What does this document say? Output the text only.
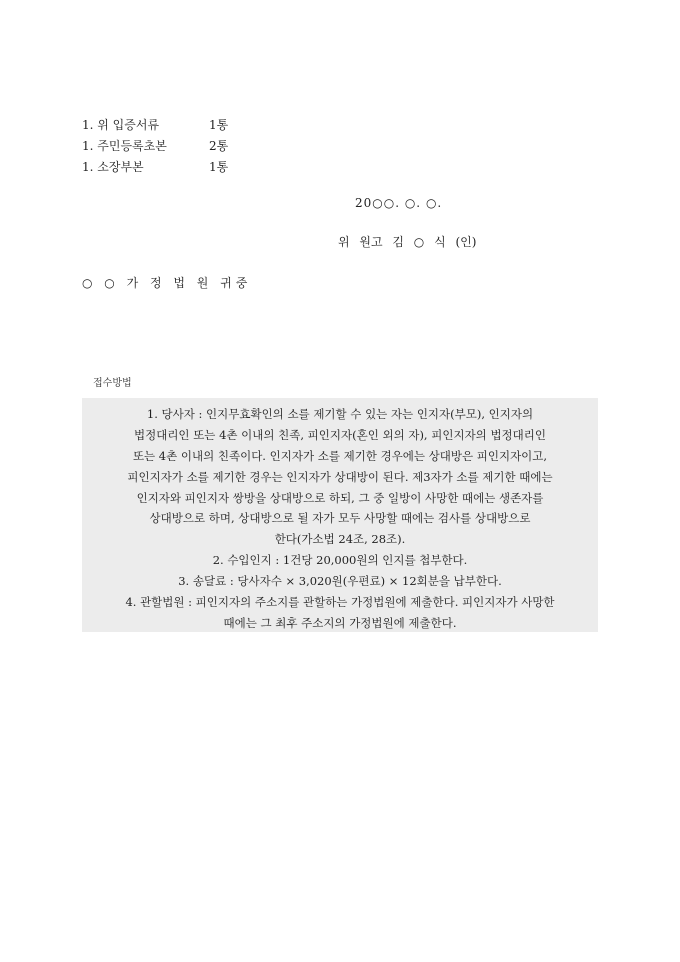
1. 위 입증서류	1통
1. 주민등록초본	2통
1. 소장부본	1통
20○○. ○. ○.
위 원고 김 ○ 식 (인)
○ ○ 가 정 법 원 귀중
접수방법
1. 당사자 : 인지무효확인의 소를 제기할 수 있는 자는 인지자(부모), 인지자의
법정대리인 또는 4촌 이내의 친족, 피인지자(혼인 외의 자), 피인지자의 법정대리인
또는 4촌 이내의 친족이다. 인지자가 소를 제기한 경우에는 상대방은 피인지자이고,
피인지자가 소를 제기한 경우는 인지자가 상대방이 된다. 제3자가 소를 제기한 때에는
인지자와 피인지자 쌍방을 상대방으로 하되, 그 중 일방이 사망한 때에는 생존자를
상대방으로 하며, 상대방으로 될 자가 모두 사망할 때에는 검사를 상대방으로
한다(가소법 24조, 28조).
2. 수입인지 : 1건당 20,000원의 인지를 첩부한다.
3. 송달료 : 당사자수 × 3,020원(우편료) × 12회분을 납부한다.
4. 관할법원 : 피인지자의 주소지를 관할하는 가정법원에 제출한다. 피인지자가 사망한
때에는 그 최후 주소지의 가정법원에 제출한다.
